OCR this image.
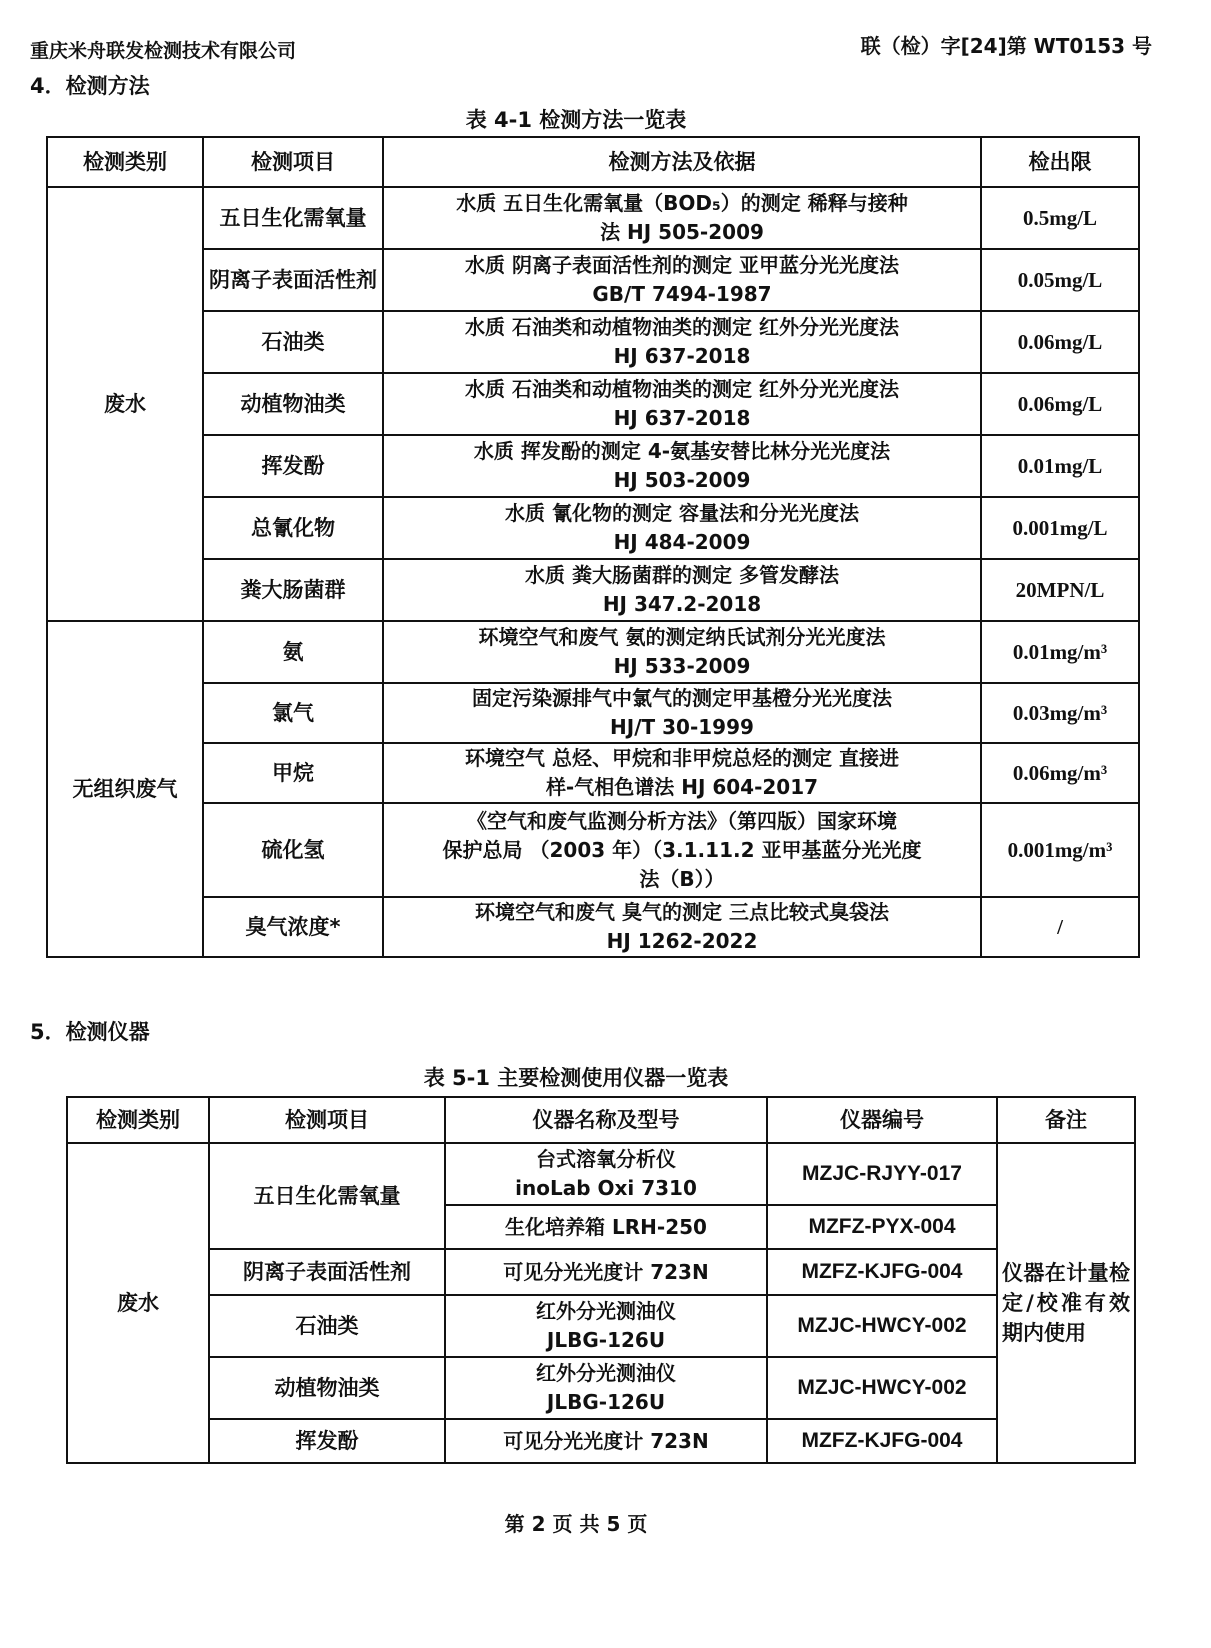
重庆米舟联发检测技术有限公司	联（检）字[24]第 WT0153 号
4．检测方法
表 4-1 检测方法一览表
检测类别	检测项目	检测方法及依据	检出限
废水	五日生化需氧量	水质 五日生化需氧量（BOD₅）的测定 稀释与接种
法 HJ 505-2009	0.5mg/L
	阴离子表面活性剂	水质 阴离子表面活性剂的测定 亚甲蓝分光光度法
GB/T 7494-1987	0.05mg/L
	石油类	水质 石油类和动植物油类的测定 红外分光光度法
HJ 637-2018	0.06mg/L
	动植物油类	水质 石油类和动植物油类的测定 红外分光光度法
HJ 637-2018	0.06mg/L
	挥发酚	水质 挥发酚的测定 4-氨基安替比林分光光度法
HJ 503-2009	0.01mg/L
	总氰化物	水质 氰化物的测定 容量法和分光光度法
HJ 484-2009	0.001mg/L
	粪大肠菌群	水质 粪大肠菌群的测定 多管发酵法
HJ 347.2-2018	20MPN/L
无组织废气	氨	环境空气和废气 氨的测定纳氏试剂分光光度法
HJ 533-2009	0.01mg/m³
	氯气	固定污染源排气中氯气的测定甲基橙分光光度法
HJ/T 30-1999	0.03mg/m³
	甲烷	环境空气 总烃、甲烷和非甲烷总烃的测定 直接进
样-气相色谱法 HJ 604-2017	0.06mg/m³
	硫化氢	《空气和废气监测分析方法》（第四版）国家环境
保护总局 （2003 年）（3.1.11.2 亚甲基蓝分光光度
法（B））	0.001mg/m³
	臭气浓度*	环境空气和废气 臭气的测定 三点比较式臭袋法
HJ 1262-2022	/
5．检测仪器
表 5-1 主要检测使用仪器一览表
检测类别	检测项目	仪器名称及型号	仪器编号	备注
废水	五日生化需氧量	台式溶氧分析仪
inoLab Oxi 7310	MZJC-RJYY-017	仪器在计量检定/校准有效期内使用

		生化培养箱 LRH-250	MZFZ-PYX-004	
	阴离子表面活性剂	可见分光光度计 723N	MZFZ-KJFG-004	
	石油类	红外分光测油仪
JLBG-126U	MZJC-HWCY-002	
	动植物油类	红外分光测油仪
JLBG-126U	MZJC-HWCY-002	
	挥发酚	可见分光光度计 723N	MZFZ-KJFG-004	
第 2 页 共 5 页
